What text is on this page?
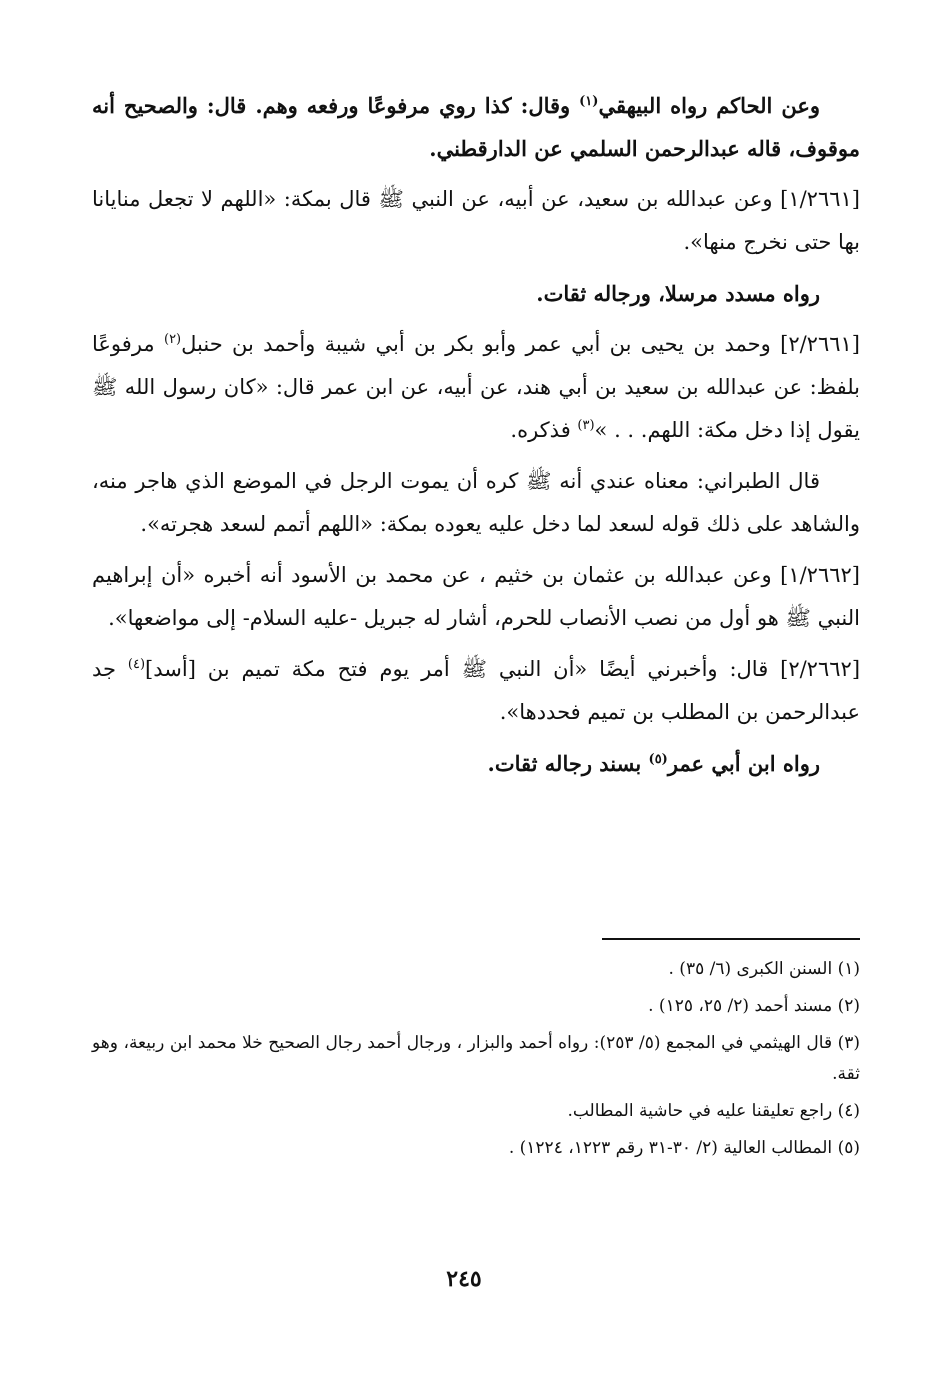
وعن الحاكم رواه البيهقي$^{(١)}$ وقال: كذا روي مرفوعًا ورفعه وهم. قال: والصحيح أنه موقوف، قاله عبدالرحمن السلمي عن الدارقطني.

[١/٢٦٦١] وعن عبدالله بن سعيد، عن أبيه، عن النبي ﷺ قال بمكة: «اللهم لا تجعل منايانا بها حتى نخرج منها».

رواه مسدد مرسلا، ورجاله ثقات.

[٢/٢٦٦١] وحمد بن يحيى بن أبي عمر وأبو بكر بن أبي شيبة وأحمد بن حنبل$^{(٢)}$ مرفوعًا بلفظ: عن عبدالله بن سعيد بن أبي هند، عن أبيه، عن ابن عمر قال: «كان رسول الله ﷺ يقول إذا دخل مكة: اللهم. . . »$^{(٣)}$ فذكره.

قال الطبراني: معناه عندي أنه ﷺ كره أن يموت الرجل في الموضع الذي هاجر منه، والشاهد على ذلك قوله لسعد لما دخل عليه يعوده بمكة: «اللهم أتمم لسعد هجرته».

[١/٢٦٦٢] وعن عبدالله بن عثمان بن خثيم ، عن محمد بن الأسود أنه أخبره «أن إبراهيم النبي ﷺ هو أول من نصب الأنصاب للحرم، أشار له جبريل -عليه السلام- إلى مواضعها».

[٢/٢٦٦٢] قال: وأخبرني أيضًا «أن النبي ﷺ أمر يوم فتح مكة تميم بن [أسد]$^{(٤)}$ جد عبدالرحمن بن المطلب بن تميم فحددها».

رواه ابن أبي عمر$^{(٥)}$ بسند رجاله ثقات.

(١) السنن الكبرى (٦/ ٣٥) .

(٢) مسند أحمد (٢/ ٢٥، ١٢٥) .

(٣) قال الهيثمي في المجمع (٥/ ٢٥٣): رواه أحمد والبزار ، ورجال أحمد رجال الصحيح خلا محمد ابن ربيعة، وهو ثقة.

(٤) راجع تعليقنا عليه في حاشية المطالب.

(٥) المطالب العالية (٢/ ٣٠-٣١ رقم ١٢٢٣، ١٢٢٤) .

٢٤٥
